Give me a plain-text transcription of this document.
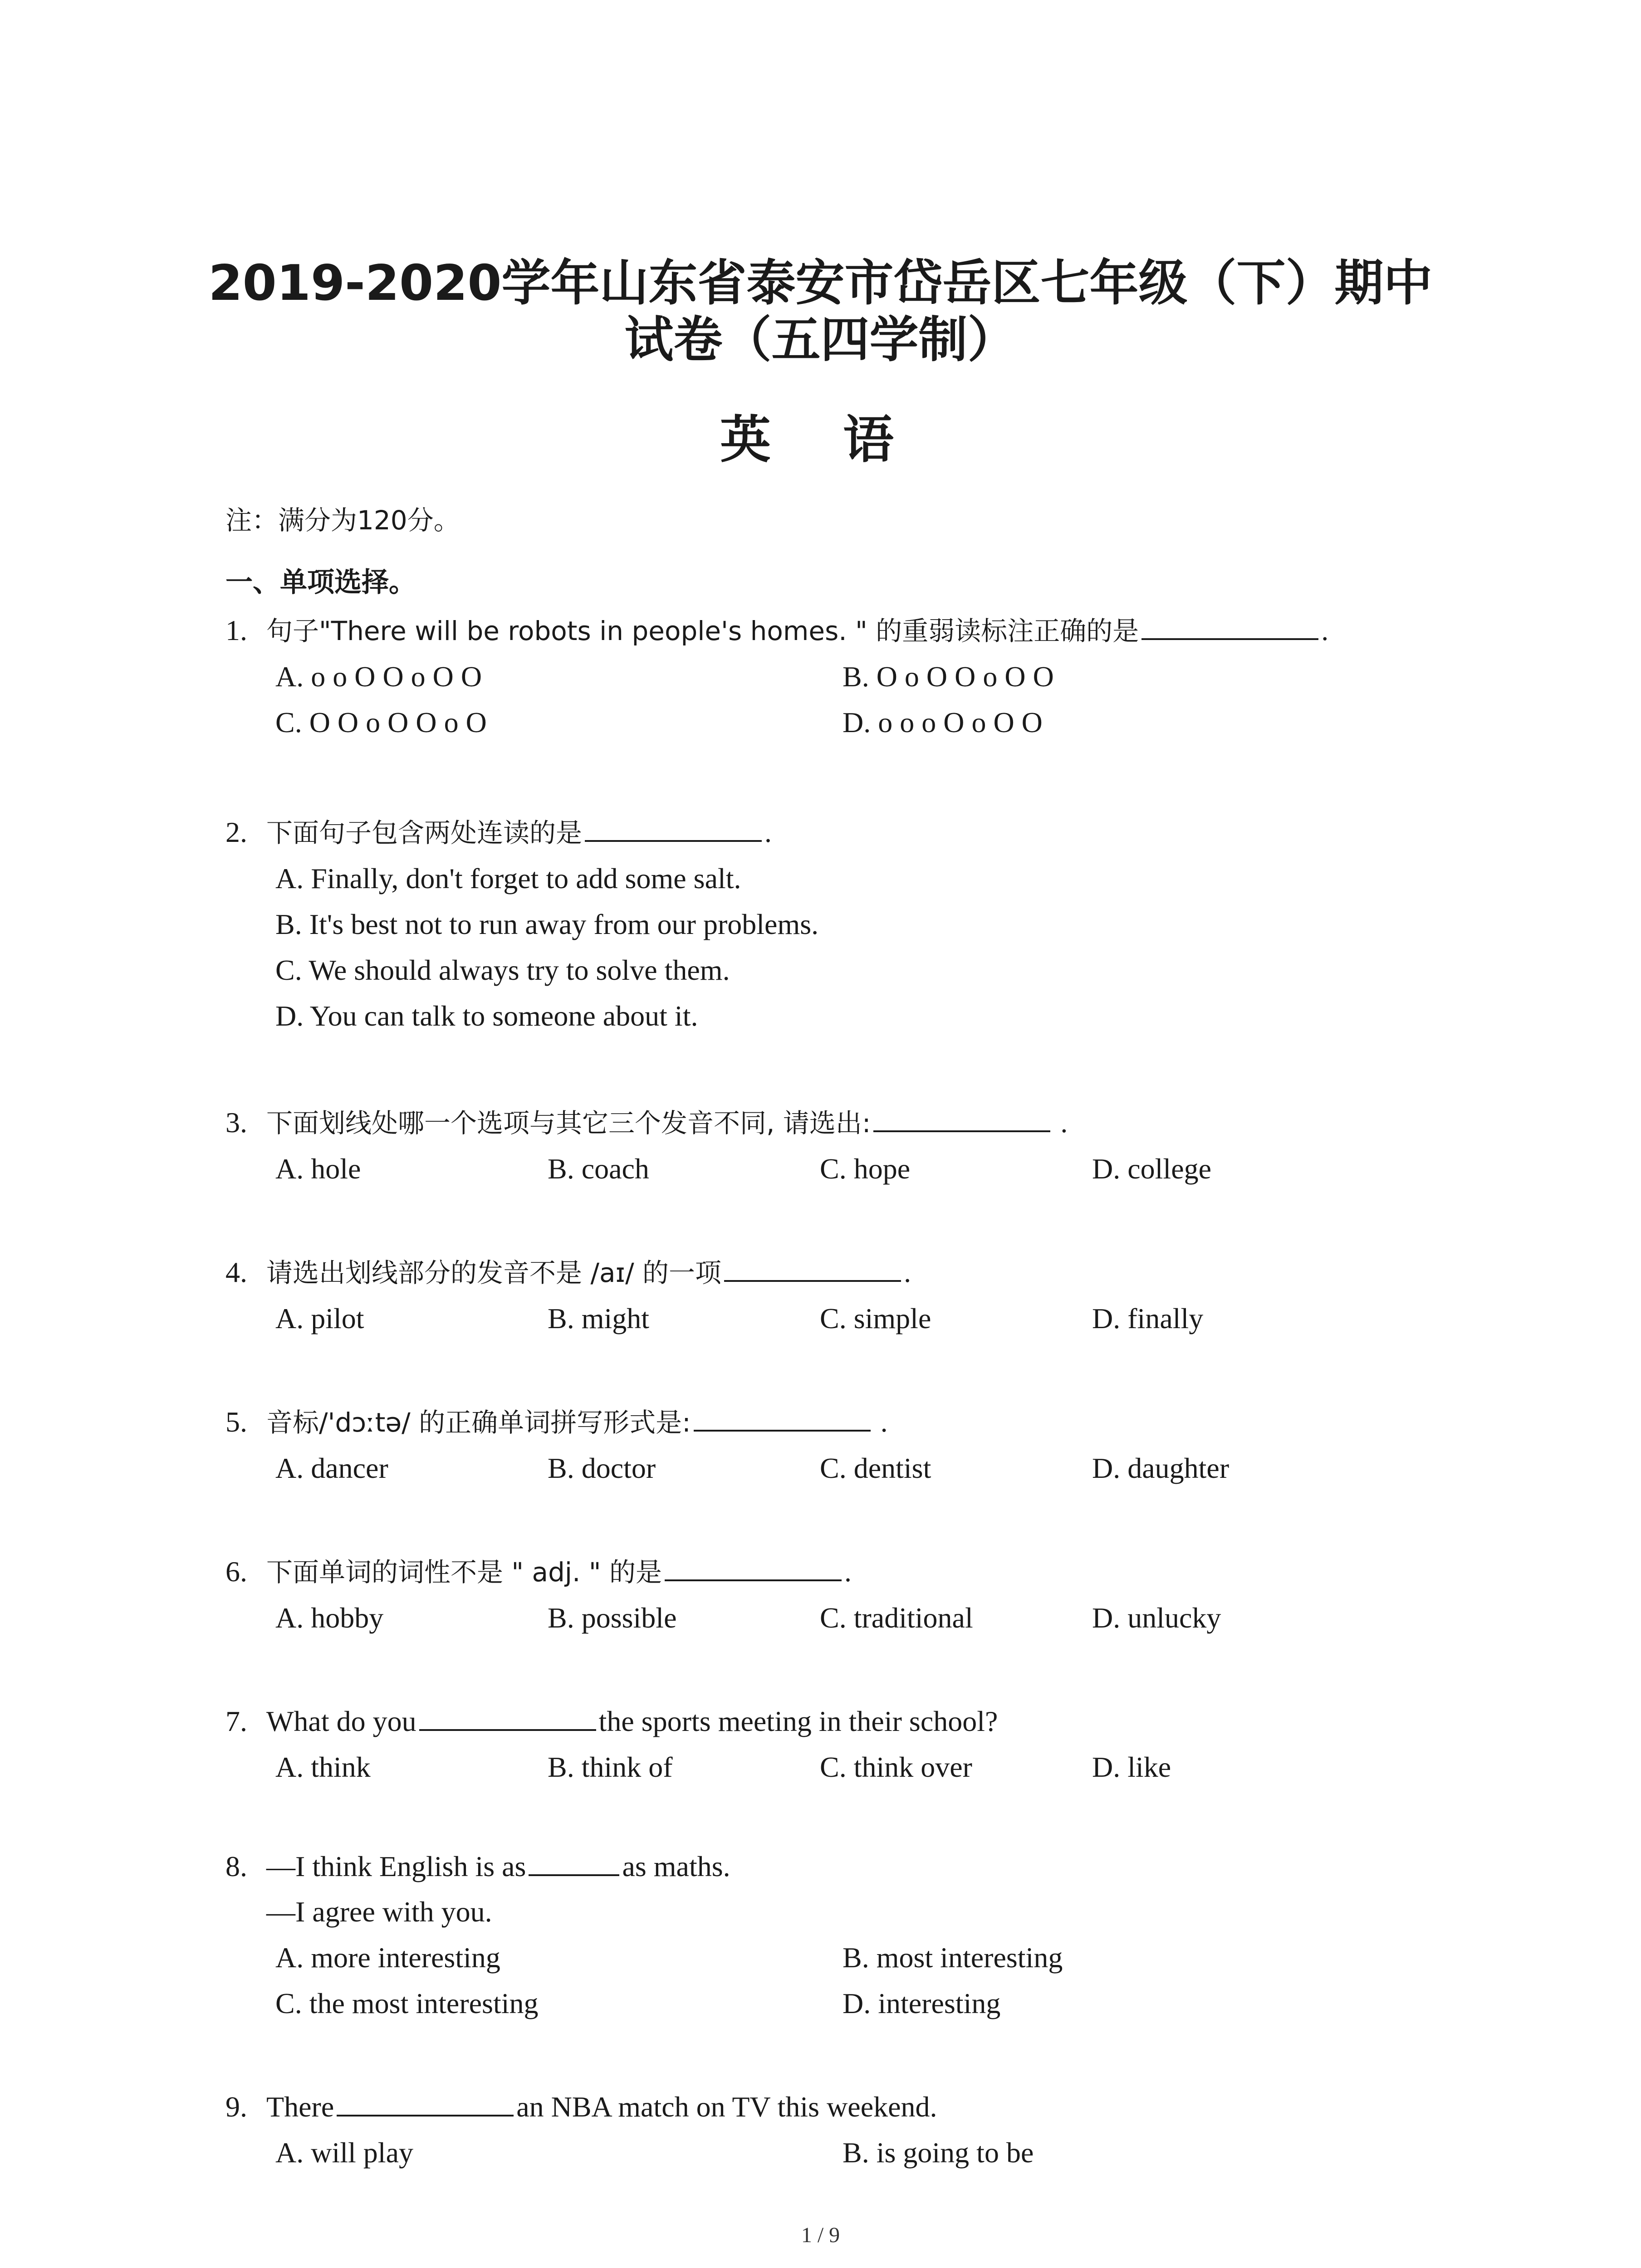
2019-2020学年山东省泰安市岱岳区七年级（下）期中
试卷（五四学制）
英 语
注：满分为120分。
一、单项选择。
1. 句子"There will be robots in people's homes. " 的重弱读标注正确的是	.
A. o o O O o O O	B. O o O O o O O
C. O O o O O o O	D. o o o O o O O
2. 下面句子包含两处连读的是	.
A. Finally, don't forget to add some salt.
B. It's best not to run away from our problems.
C. We should always try to solve them.
D. You can talk to someone about it.
3. 下面划线处哪一个选项与其它三个发音不同, 请选出:	.
A. hole	B. coach	C. hope	D. college
4. 请选出划线部分的发音不是 /aɪ/ 的一项	.
A. pilot	B. might	C. simple	D. finally
5. 音标/'dɔːtə/ 的正确单词拼写形式是:	.
A. dancer	B. doctor	C. dentist	D. daughter
6. 下面单词的词性不是 " adj. " 的是	.
A. hobby	B. possible	C. traditional	D. unlucky
7. What do you	the sports meeting in their school?
A. think	B. think of	C. think over	D. like
8. —I think English is as	as maths.
—I agree with you.
A. more interesting	B. most interesting
C. the most interesting	D. interesting
9. There	an NBA match on TV this weekend.
A. will play	B. is going to be
1 / 9
